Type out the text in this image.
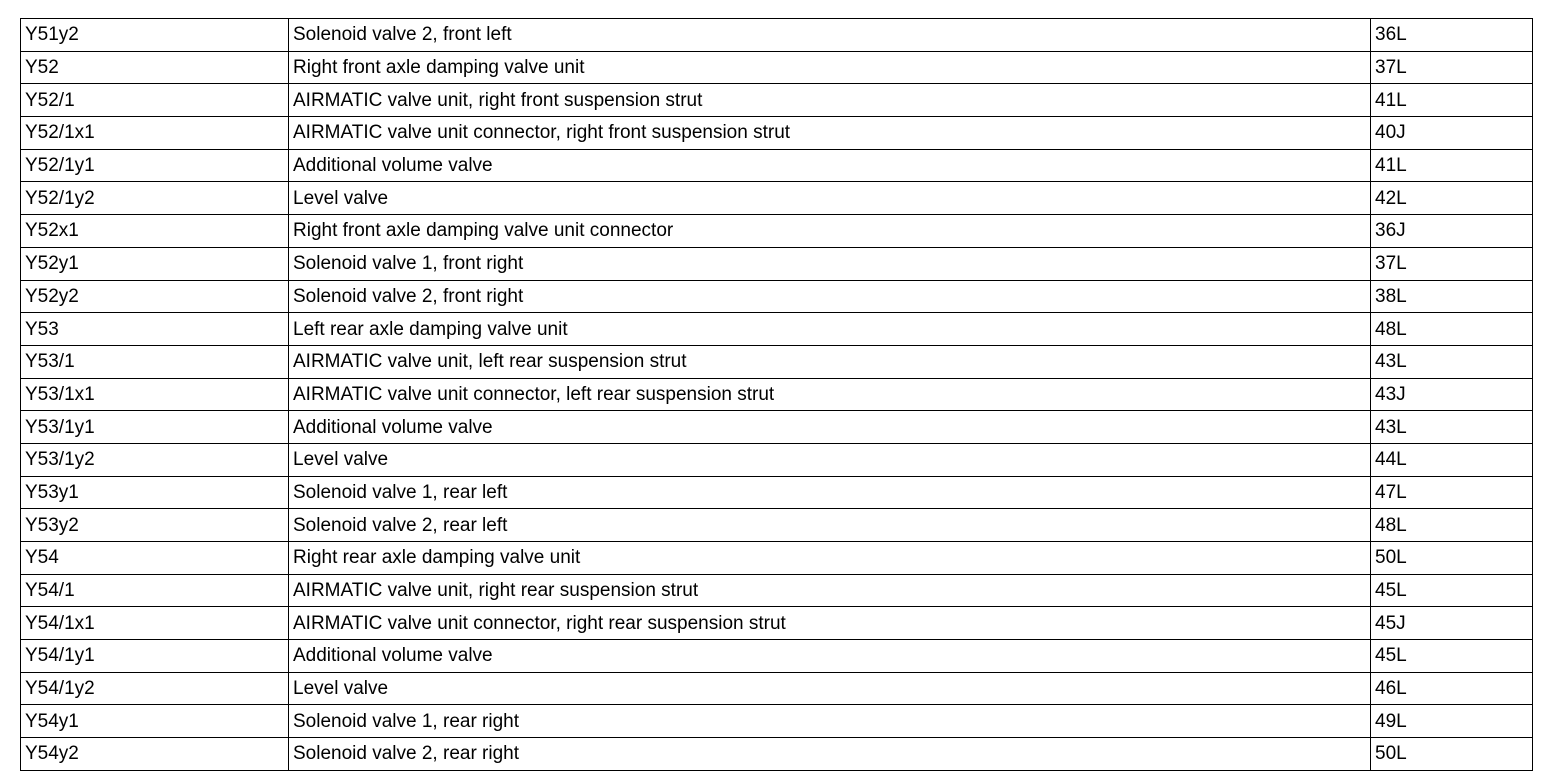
Y51y2	Solenoid valve 2, front left	36L
Y52	Right front axle damping valve unit	37L
Y52/1	AIRMATIC valve unit, right front suspension strut	41L
Y52/1x1	AIRMATIC valve unit connector, right front suspension strut	40J
Y52/1y1	Additional volume valve	41L
Y52/1y2	Level valve	42L
Y52x1	Right front axle damping valve unit connector	36J
Y52y1	Solenoid valve 1, front right	37L
Y52y2	Solenoid valve 2, front right	38L
Y53	Left rear axle damping valve unit	48L
Y53/1	AIRMATIC valve unit, left rear suspension strut	43L
Y53/1x1	AIRMATIC valve unit connector, left rear suspension strut	43J
Y53/1y1	Additional volume valve	43L
Y53/1y2	Level valve	44L
Y53y1	Solenoid valve 1, rear left	47L
Y53y2	Solenoid valve 2, rear left	48L
Y54	Right rear axle damping valve unit	50L
Y54/1	AIRMATIC valve unit, right rear suspension strut	45L
Y54/1x1	AIRMATIC valve unit connector, right rear suspension strut	45J
Y54/1y1	Additional volume valve	45L
Y54/1y2	Level valve	46L
Y54y1	Solenoid valve 1, rear right	49L
Y54y2	Solenoid valve 2, rear right	50L
